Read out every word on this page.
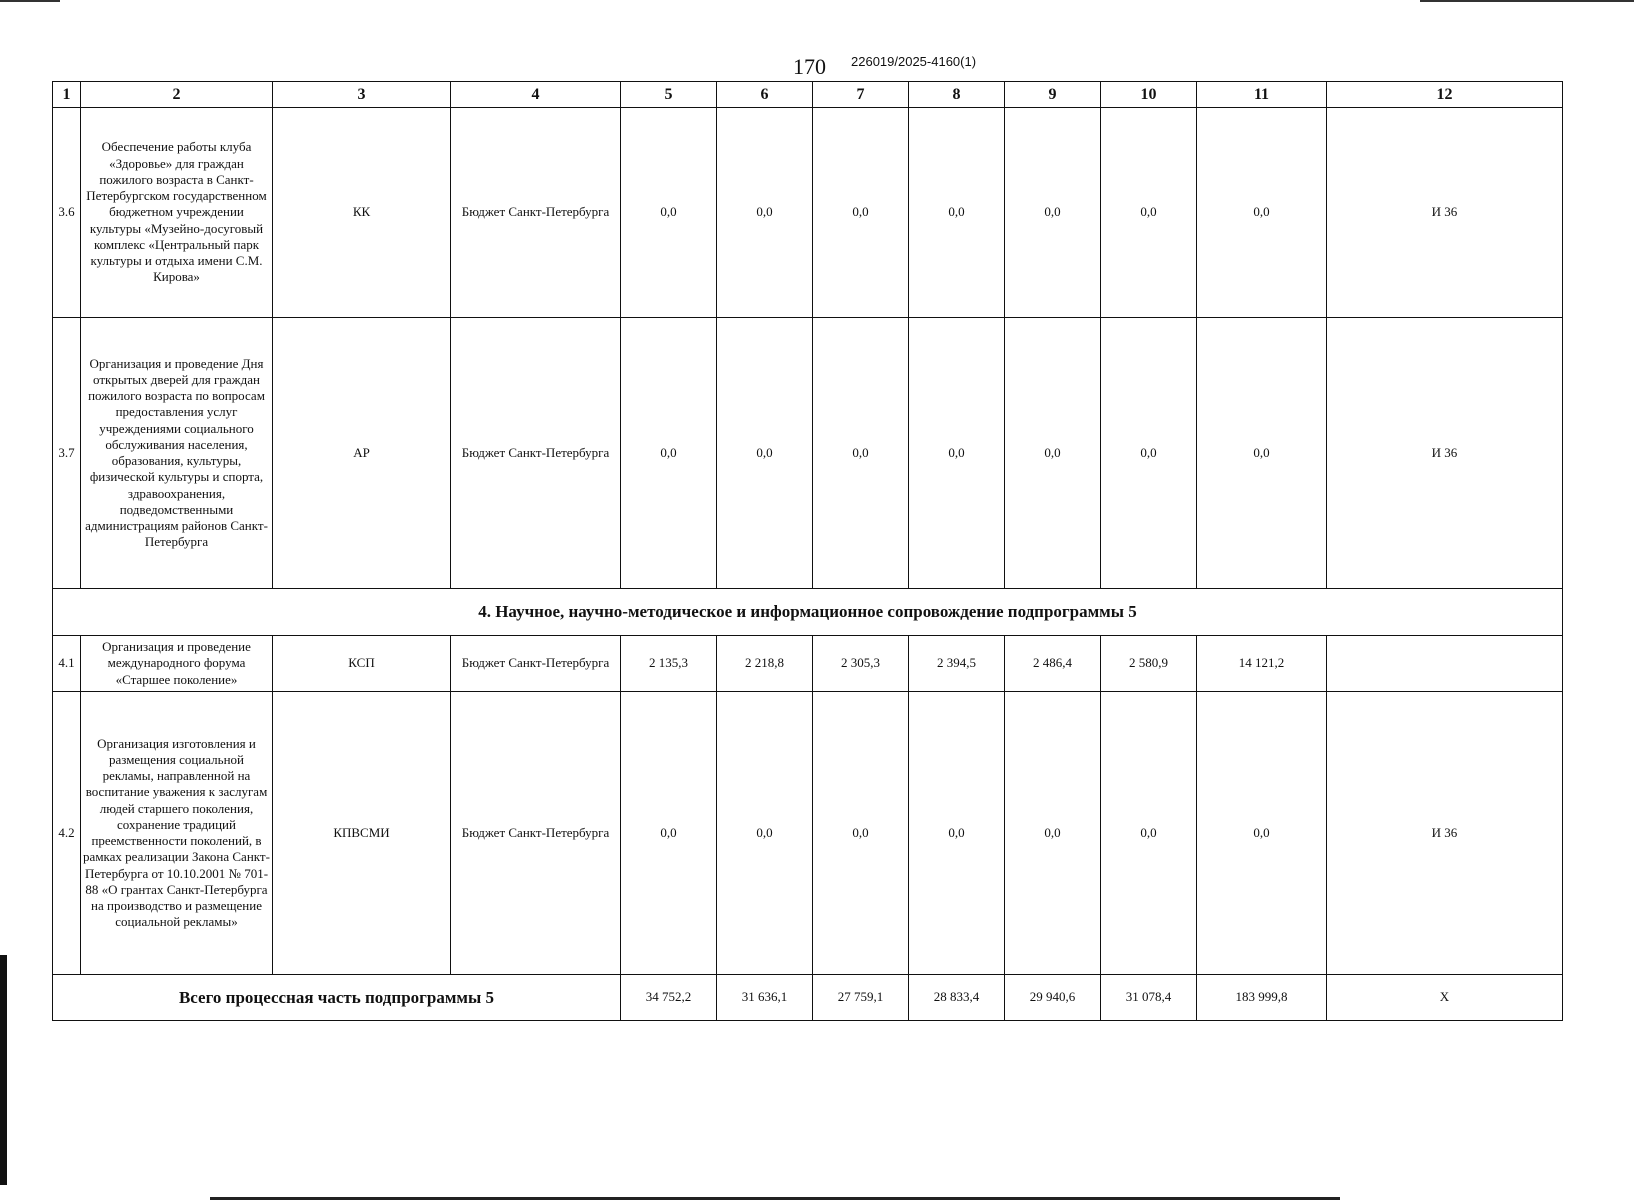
170 226019/2025-4160(1)
1	2	3	4	5	6	7	8	9	10	11	12
3.6	Обеспечение работы клуба «Здоровье» для граждан пожилого возраста в Санкт-Петербургском государственном бюджетном учреждении культуры «Музейно-досуговый комплекс «Центральный парк культуры и отдыха имени С.М. Кирова»	КК	Бюджет Санкт-Петербурга	0,0	0,0	0,0	0,0	0,0	0,0	0,0	И 36
3.7	Организация и проведение Дня открытых дверей для граждан пожилого возраста по вопросам предоставления услуг учреждениями социального обслуживания населения, образования, культуры, физической культуры и спорта, здравоохранения, подведомственными администрациям районов Санкт-Петербурга	АР	Бюджет Санкт-Петербурга	0,0	0,0	0,0	0,0	0,0	0,0	0,0	И 36
4. Научное, научно-методическое и информационное сопровождение подпрограммы 5											
4.1	Организация и проведение международного форума «Старшее поколение»	КСП	Бюджет Санкт-Петербурга	2 135,3	2 218,8	2 305,3	2 394,5	2 486,4	2 580,9	14 121,2	
4.2	Организация изготовления и размещения социальной рекламы, направленной на воспитание уважения к заслугам людей старшего поколения, сохранение традиций преемственности поколений, в рамках реализации Закона Санкт-Петербурга от 10.10.2001 № 701-88 «О грантах Санкт-Петербурга на производство и размещение социальной рекламы»	КПВСМИ	Бюджет Санкт-Петербурга	0,0	0,0	0,0	0,0	0,0	0,0	0,0	И 36
Всего процессная часть подпрограммы 5				34 752,2	31 636,1	27 759,1	28 833,4	29 940,6	31 078,4	183 999,8	Х
